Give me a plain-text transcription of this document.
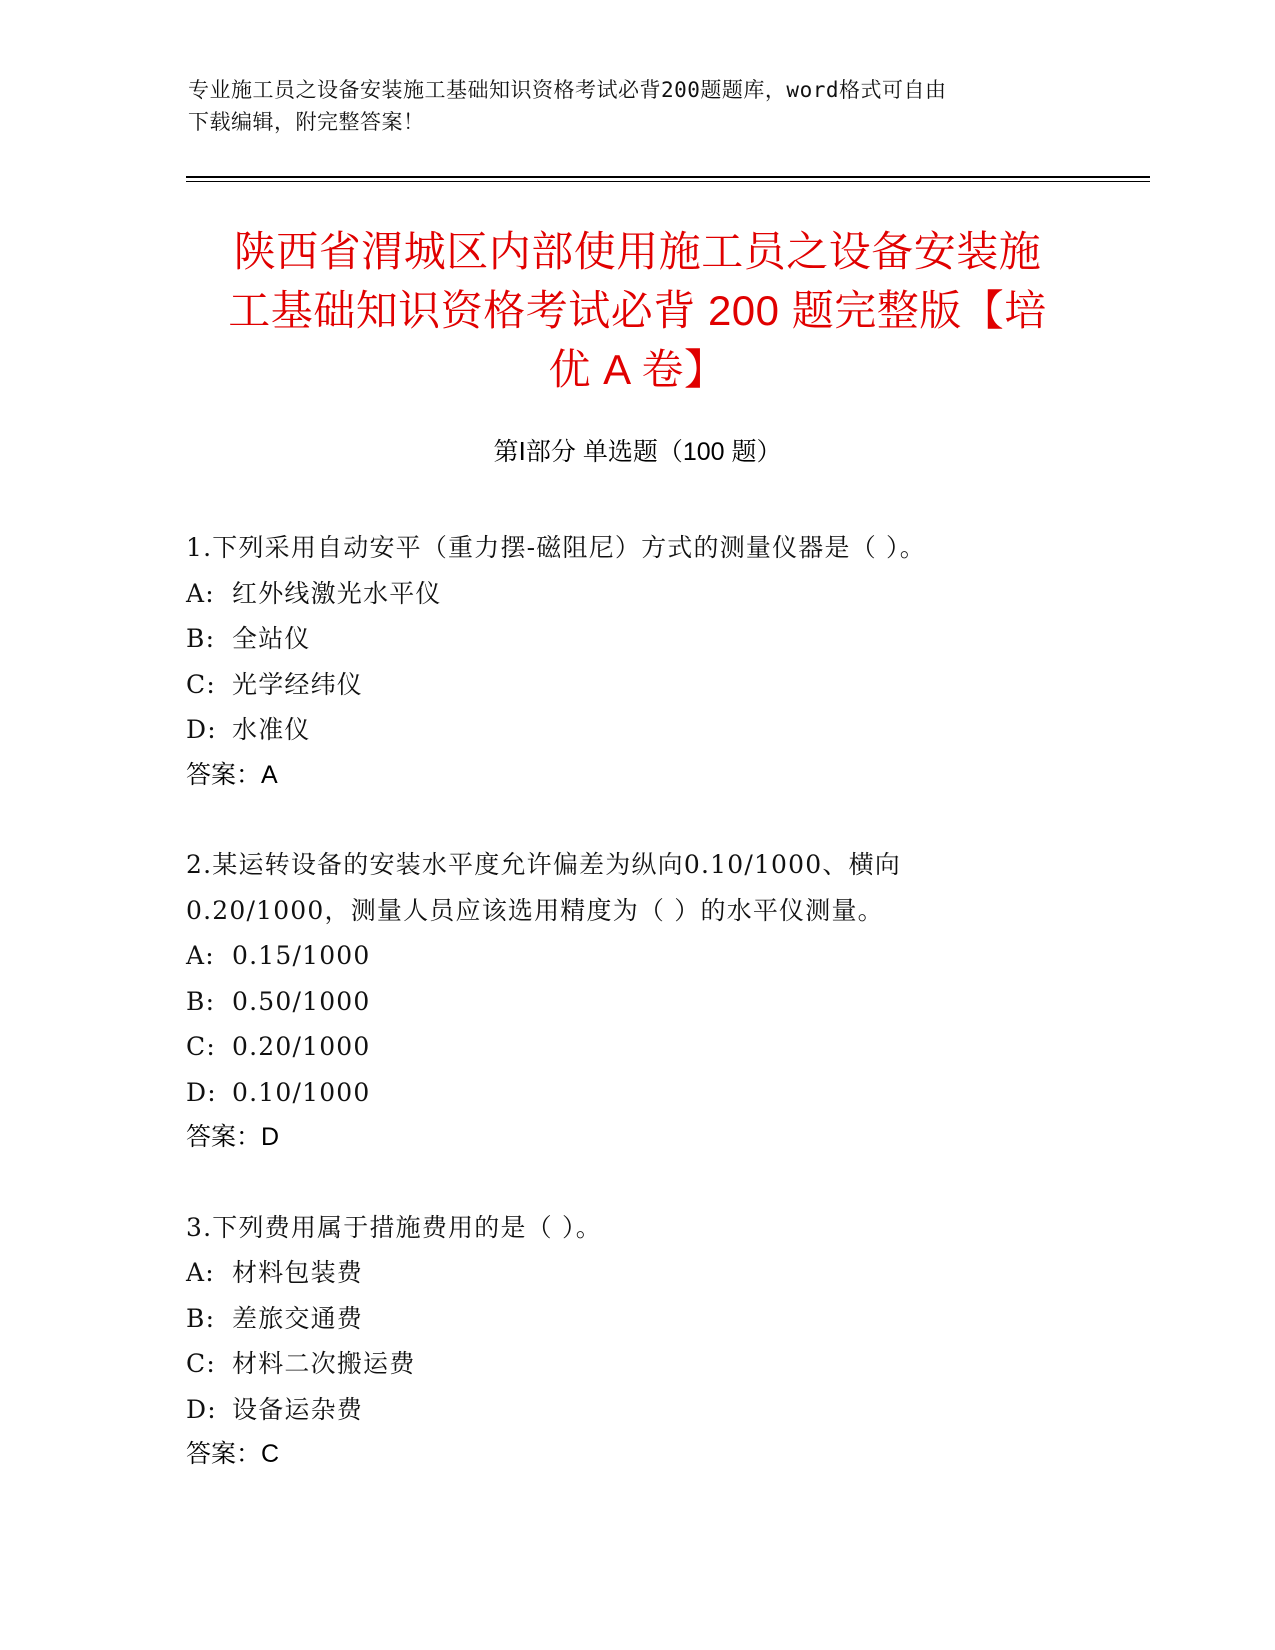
专业施工员之设备安装施工基础知识资格考试必背200题题库，word格式可自由
下载编辑，附完整答案！
陕西省渭城区内部使用施工员之设备安装施
工基础知识资格考试必背 200 题完整版【培
优 A 卷】
第Ⅰ部分 单选题（100 题）
1.下列采用自动安平（重力摆-磁阻尼）方式的测量仪器是（ ）。
A: 红外线激光水平仪
B: 全站仪
C: 光学经纬仪
D: 水准仪
答案：A
2.某运转设备的安装水平度允许偏差为纵向0.10/1000、横向
0.20/1000，测量人员应该选用精度为（ ）的水平仪测量。
A: 0.15/1000
B: 0.50/1000
C: 0.20/1000
D: 0.10/1000
答案：D
3.下列费用属于措施费用的是（ ）。
A: 材料包装费
B: 差旅交通费
C: 材料二次搬运费
D: 设备运杂费
答案：C
